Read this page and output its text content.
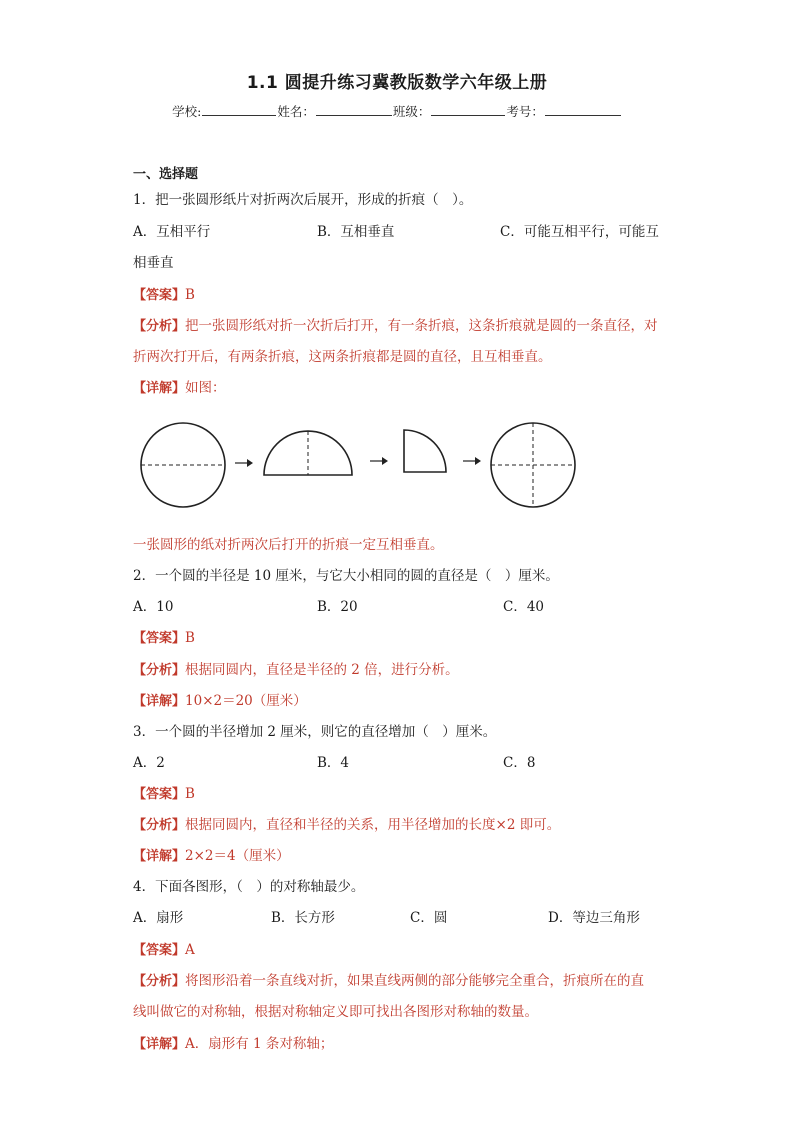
1.1 圆提升练习冀教版数学六年级上册
学校:	姓名：	班级：	考号：
一、选择题
1．把一张圆形纸片对折两次后展开，形成的折痕（　）。
A．互相平行	B．互相垂直	C．可能互相平行，可能互
相垂直
【答案】B
【分析】把一张圆形纸对折一次折后打开，有一条折痕，这条折痕就是圆的一条直径，对
折两次打开后，有两条折痕，这两条折痕都是圆的直径，且互相垂直。
【详解】如图：
一张圆形的纸对折两次后打开的折痕一定互相垂直。
2．一个圆的半径是 10 厘米，与它大小相同的圆的直径是（　）厘米。
A．10	B．20	C．40
【答案】B
【分析】根据同圆内，直径是半径的 2 倍，进行分析。
【详解】10×2＝20（厘米）
3．一个圆的半径增加 2 厘米，则它的直径增加（　）厘米。
A．2	B．4	C．8
【答案】B
【分析】根据同圆内，直径和半径的关系，用半径增加的长度×2 即可。
【详解】2×2＝4（厘米）
4．下面各图形，（　）的对称轴最少。
A．扇形	B．长方形	C．圆	D．等边三角形
【答案】A
【分析】将图形沿着一条直线对折，如果直线两侧的部分能够完全重合，折痕所在的直
线叫做它的对称轴，根据对称轴定义即可找出各图形对称轴的数量。
【详解】A．扇形有 1 条对称轴；
